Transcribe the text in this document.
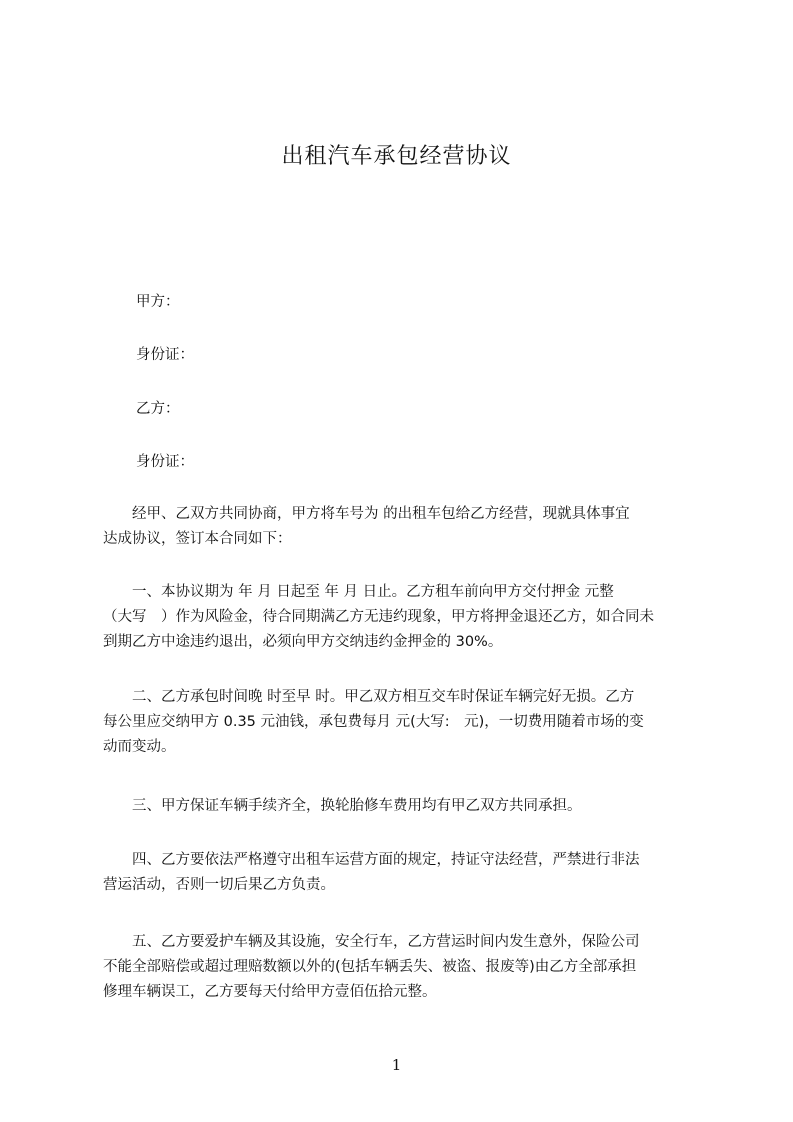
出租汽车承包经营协议
甲方：
身份证：
乙方：
身份证：
　　经甲、乙双方共同协商，甲方将车号为 的出租车包给乙方经营，现就具体事宜
达成协议，签订本合同如下：
　　一、本协议期为 年 月 日起至 年 月 日止。乙方租车前向甲方交付押金 元整
（大写　）作为风险金，待合同期满乙方无违约现象，甲方将押金退还乙方，如合同未
到期乙方中途违约退出，必须向甲方交纳违约金押金的 30%。
　　二、乙方承包时间晚 时至早 时。甲乙双方相互交车时保证车辆完好无损。乙方
每公里应交纳甲方 0.35 元油钱，承包费每月 元(大写:　元)，一切费用随着市场的变
动而变动。
　　三、甲方保证车辆手续齐全，换轮胎修车费用均有甲乙双方共同承担。
　　四、乙方要依法严格遵守出租车运营方面的规定，持证守法经营，严禁进行非法
营运活动，否则一切后果乙方负责。
　　五、乙方要爱护车辆及其设施，安全行车，乙方营运时间内发生意外，保险公司
不能全部赔偿或超过理赔数额以外的(包括车辆丢失、被盗、报废等)由乙方全部承担
修理车辆误工，乙方要每天付给甲方壹佰伍拾元整。
1
